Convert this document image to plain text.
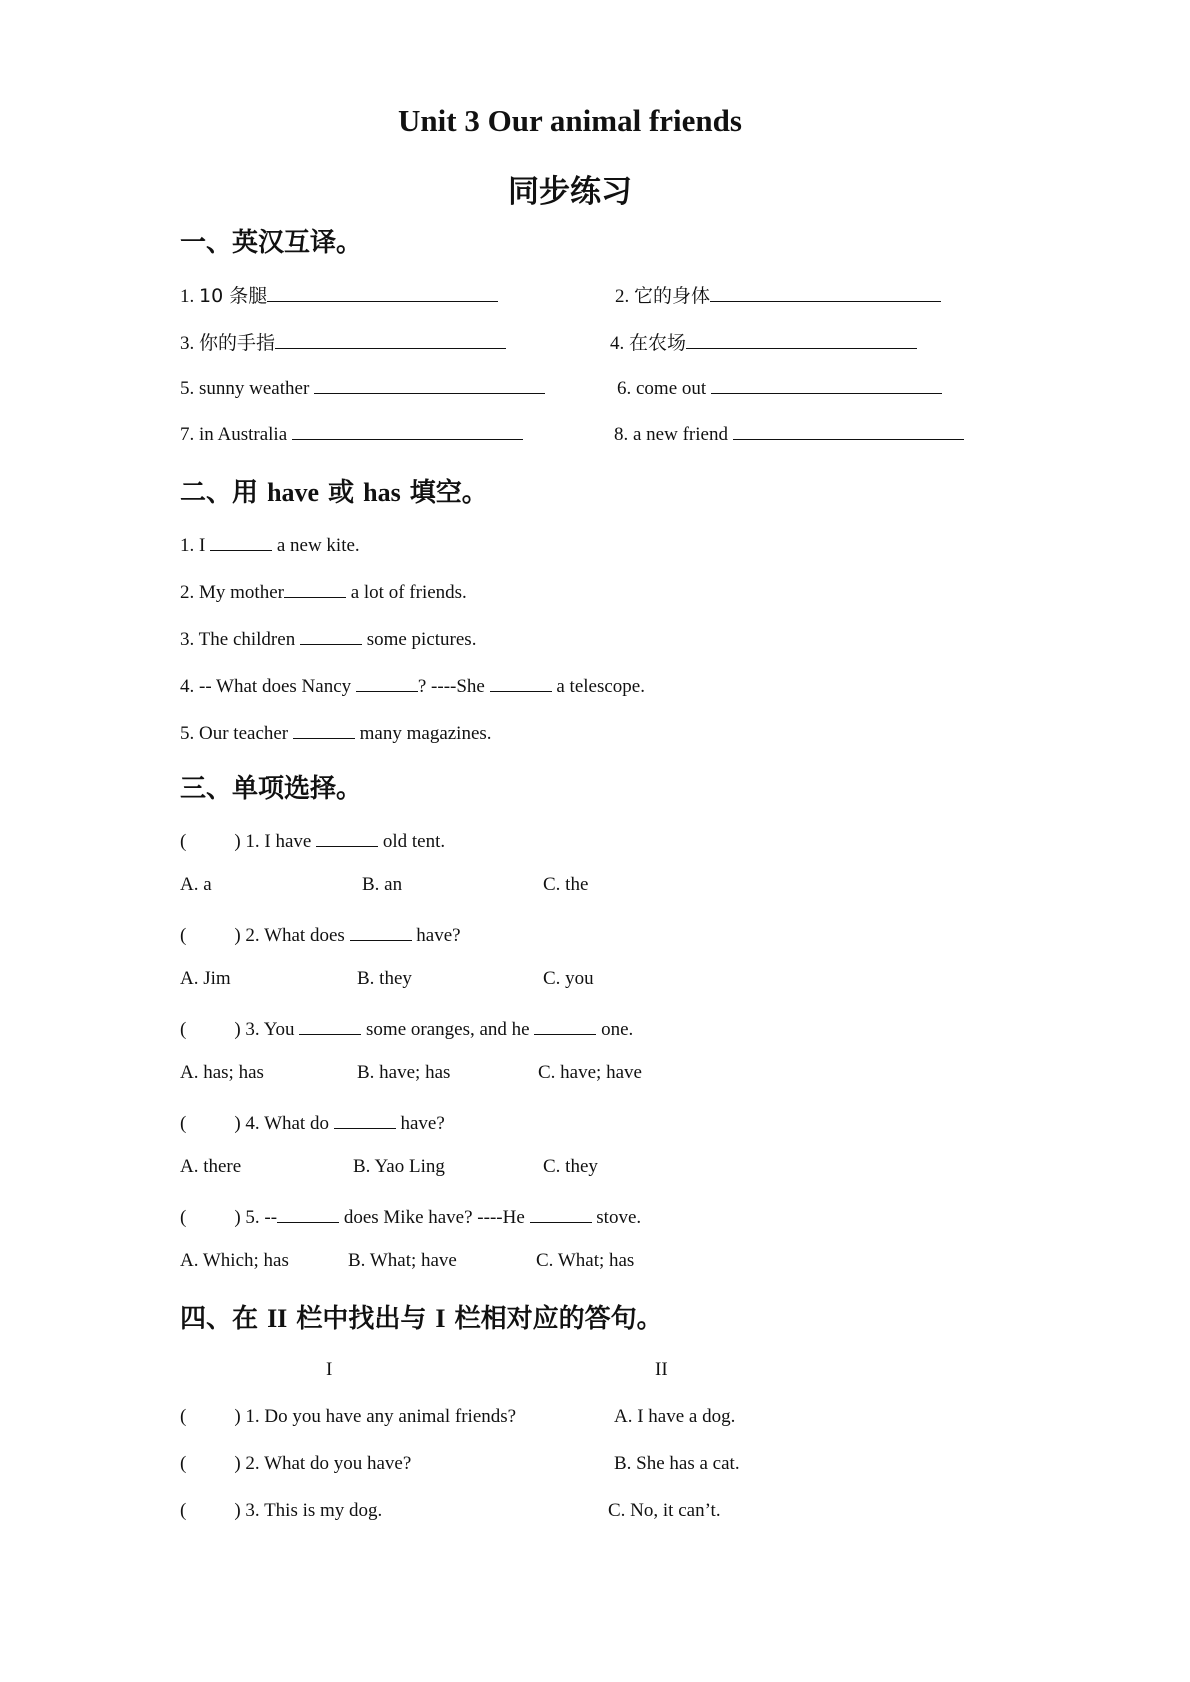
Unit 3 Our animal friends
同步练习
一、英汉互译。
1. 10 条腿	2. 它的身体
3. 你的手指	4. 在农场
5. sunny weather	6. come out
7. in Australia	8. a new friend
二、用 have 或 has 填空。
1. I	a new kite.
2. My mother	a lot of friends.
3. The children	some pictures.
4. -- What does Nancy	? ----She	a telescope.
5. Our teacher	many magazines.
三、单项选择。
(	) 1. I have	old tent.
A. a	B. an	C. the
(	) 2. What does	have?
A. Jim	B. they	C. you
(	) 3. You	some oranges, and he	one.
A. has; has	B. have; has	C. have; have
(	) 4. What do	have?
A. there	B. Yao Ling	C. they
(	) 5. --	does Mike have? ----He	stove.
A. Which; has	B. What; have	C. What; has
四、在 II 栏中找出与 I 栏相对应的答句。
I	II
(	) 1. Do you have any animal friends?	A. I have a dog.
(	) 2. What do you have?	B. She has a cat.
(	) 3. This is my dog.	C. No, it can’t.
